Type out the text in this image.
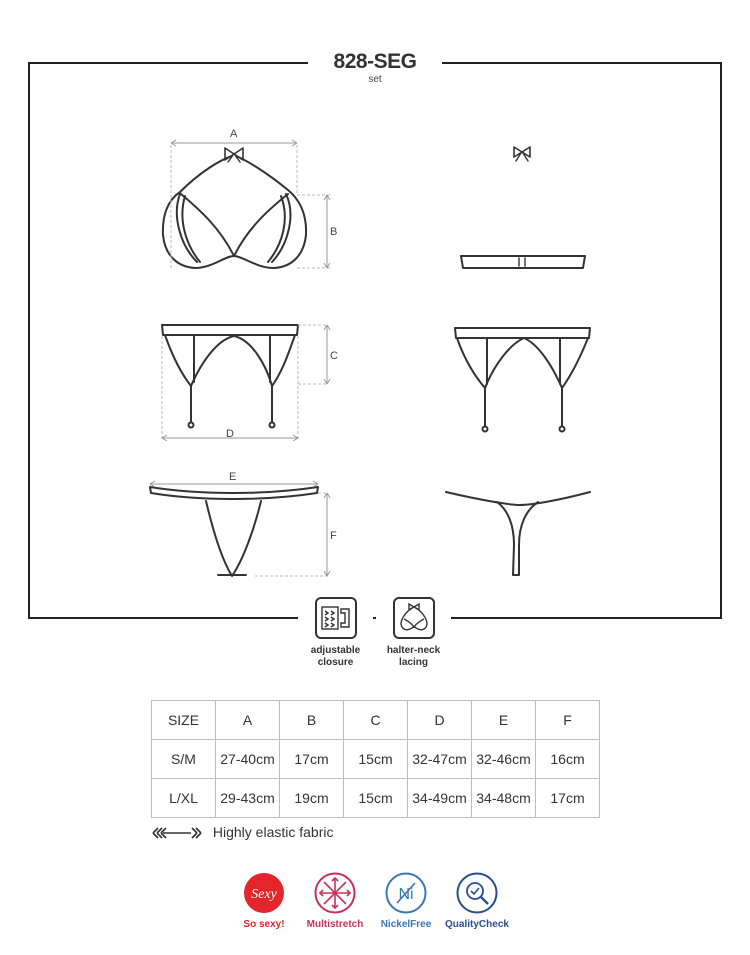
A
B
C
D
E
F
828-SEG
set
adjustable
closure
halter-neck
lacing
SIZE	A	B	C	D	E	F
S/M	27-40cm	17cm	15cm	32-47cm	32-46cm	16cm
L/XL	29-43cm	19cm	15cm	34-49cm	34-48cm	17cm
Highly elastic fabric
Sexy
So sexy!	Multistretch
Ni
NickelFree	QualityCheck
